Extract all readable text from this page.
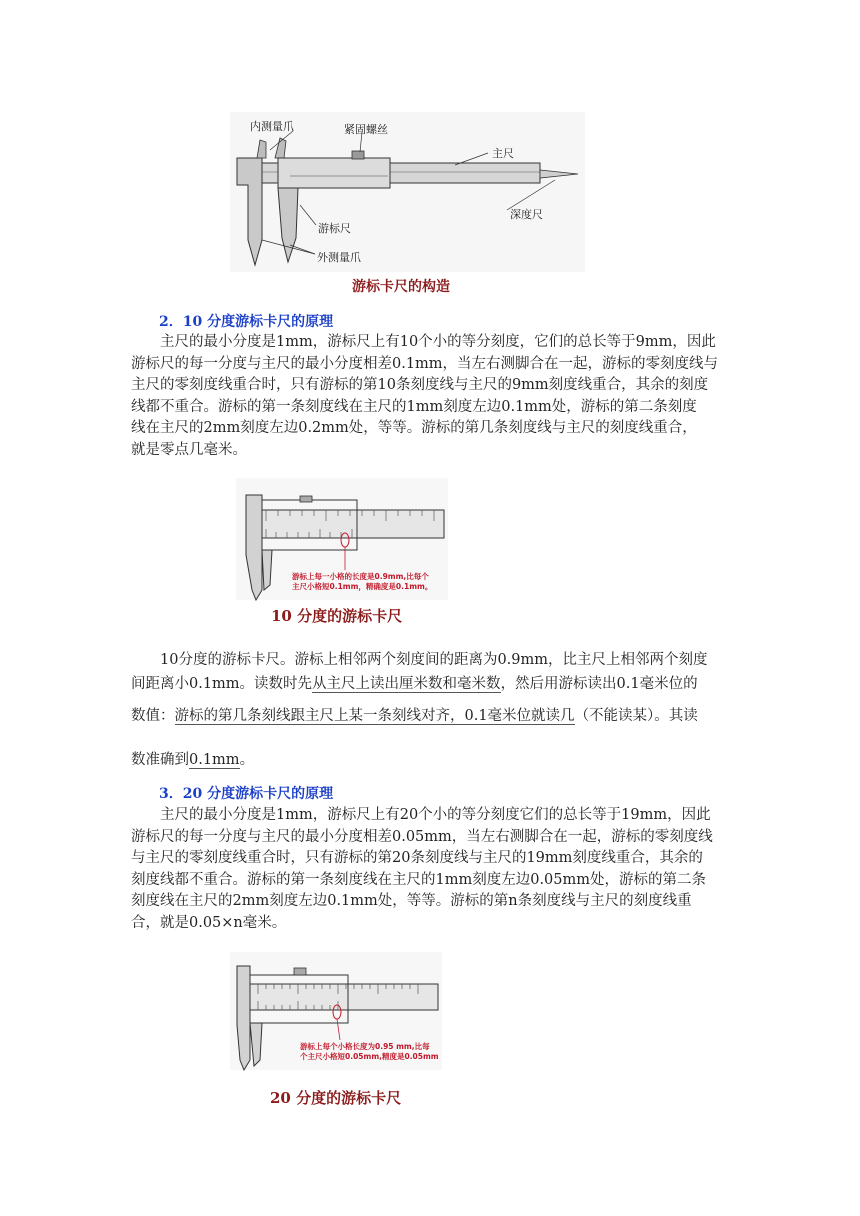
内测量爪	紧固螺丝
主尺
深度尺
游标尺
外测量爪
游标卡尺的构造
2．10 分度游标卡尺的原理
主尺的最小分度是1mm，游标尺上有10个小的等分刻度，它们的总长等于9mm，因此
游标尺的每一分度与主尺的最小分度相差0.1mm，当左右测脚合在一起，游标的零刻度线与
主尺的零刻度线重合时，只有游标的第10条刻度线与主尺的9mm刻度线重合，其余的刻度
线都不重合。游标的第一条刻度线在主尺的1mm刻度左边0.1mm处，游标的第二条刻度
线在主尺的2mm刻度左边0.2mm处，等等。游标的第几条刻度线与主尺的刻度线重合，
就是零点几毫米。
游标上每一小格的长度是0.9mm,比每个
主尺小格短0.1mm，精确度是0.1mm。
10 分度的游标卡尺
10分度的游标卡尺。游标上相邻两个刻度间的距离为0.9mm，比主尺上相邻两个刻度
间距离小0.1mm。读数时先从主尺上读出厘米数和毫米数，然后用游标读出0.1毫米位的
数值：游标的第几条刻线跟主尺上某一条刻线对齐，0.1毫米位就读几（不能读某）。其读
数准确到0.1mm。
3．20 分度游标卡尺的原理
主尺的最小分度是1mm，游标尺上有20个小的等分刻度它们的总长等于19mm，因此
游标尺的每一分度与主尺的最小分度相差0.05mm，当左右测脚合在一起，游标的零刻度线
与主尺的零刻度线重合时，只有游标的第20条刻度线与主尺的19mm刻度线重合，其余的
刻度线都不重合。游标的第一条刻度线在主尺的1mm刻度左边0.05mm处，游标的第二条
刻度线在主尺的2mm刻度左边0.1mm处，等等。游标的第n条刻度线与主尺的刻度线重
合，就是0.05×n毫米。
游标上每个小格长度为0.95 mm,比每
个主尺小格短0.05mm,精度是0.05mm
20 分度的游标卡尺
